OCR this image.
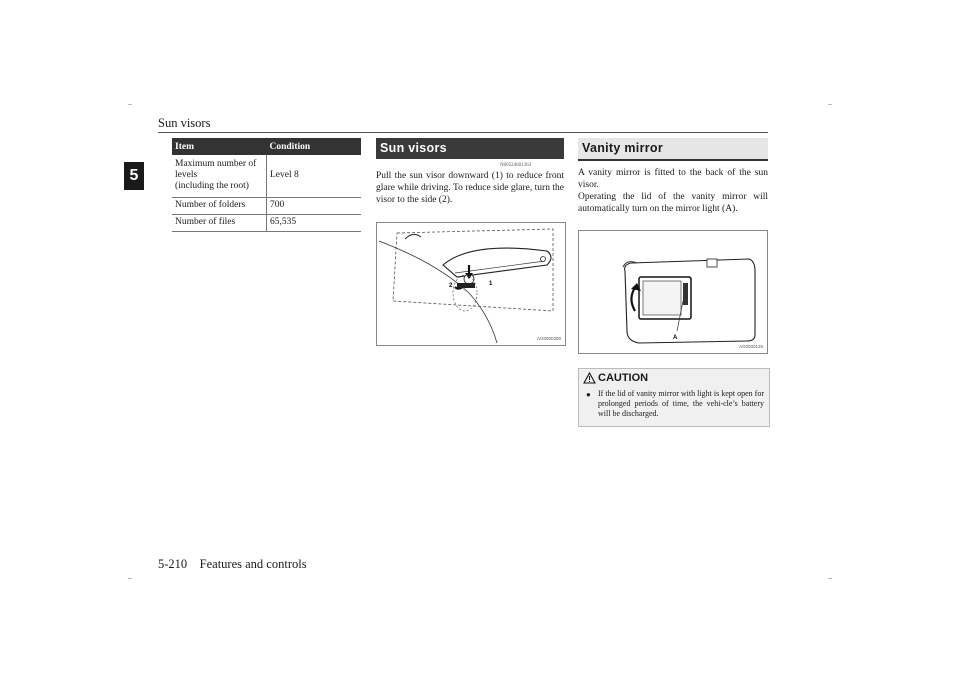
Sun visors
5
Item	Condition
Maximum number of
levels
(including the root)	Level 8
Number of folders	700
Number of files	65,535
Sun visors
N00524601363
Pull the sun visor downward (1) to reduce front glare while driving. To reduce side glare, turn the visor to the side (2).
1
2
AG0000300
Vanity mirror
A vanity mirror is fitted to the back of the sun visor.
Operating the lid of the vanity mirror will automatically turn on the mirror light (A).
A
AG0000125
CAUTION
● If the lid of vanity mirror with light is kept open for prolonged periods of time, the vehi-cle’s battery will be discharged.
5-210    Features and controls
